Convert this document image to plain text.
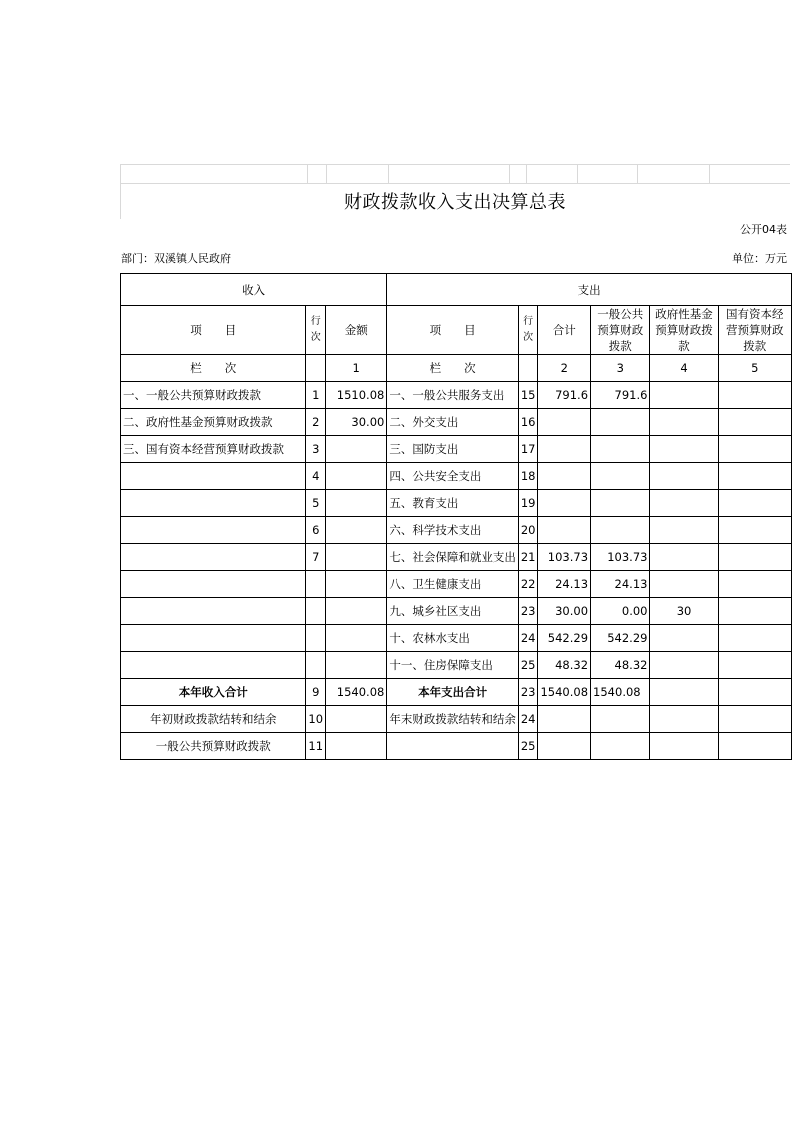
财政拨款收入支出决算总表
公开04表
部门：双溪镇人民政府	单位：万元
收入			支出					
项　　目	行次	金额	项　　目	行次	合计	一般公共预算财政拨款	政府性基金预算财政拨款	国有资本经营预算财政拨款
栏　　次		1	栏　　次		2	3	4	5
一、一般公共预算财政拨款	1	1510.08	一、一般公共服务支出	15	791.6	791.6		
二、政府性基金预算财政拨款	2	30.00	二、外交支出	16				
三、国有资本经营预算财政拨款	3		三、国防支出	17				
	4		四、公共安全支出	18				
	5		五、教育支出	19				
	6		六、科学技术支出	20				
	7		七、社会保障和就业支出	21	103.73	103.73		
			八、卫生健康支出	22	24.13	24.13		
			九、城乡社区支出	23	30.00	0.00	30	
			十、农林水支出	24	542.29	542.29		
			十一、住房保障支出	25	48.32	48.32		
本年收入合计	9	1540.08	本年支出合计	23	1540.08	1540.08		
年初财政拨款结转和结余	10		年末财政拨款结转和结余	24				
一般公共预算财政拨款	11			25				
